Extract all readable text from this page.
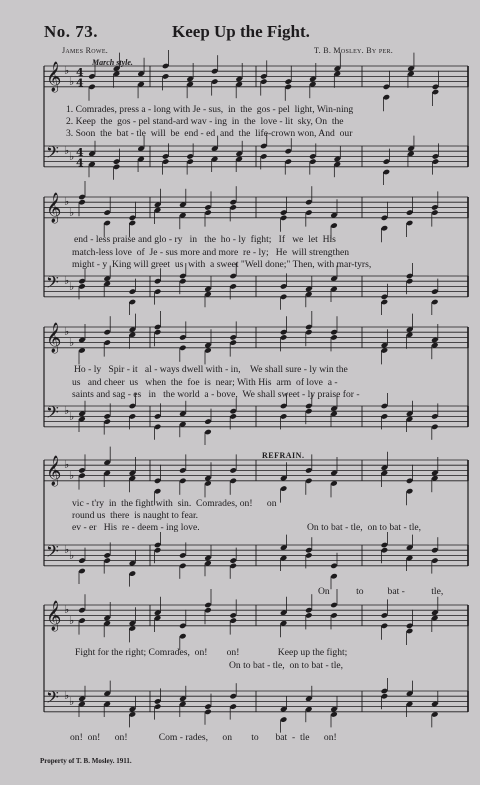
No. 73.	Keep Up the Fight.
James Rowe.	T. B. Mosley. By per.
March style.
REFRAIN.
𝄞 ♭
♭
4
4
𝄢 ♭ ♭ 4
4
𝄞 ♭
♭
𝄢 ♭ ♭
𝄞 ♭
♭
𝄢 ♭ ♭
𝄞 ♭
♭
𝄢 ♭ ♭
𝄞 ♭
♭
𝄢 ♭ ♭
1. Comrades, press a - long with Je - sus,  in  the  gos - pel  light, Win-ning
2. Keep  the  gos - pel stand-ard wav - ing  in  the  love - lit  sky, On  the
3. Soon  the  bat - tle  will  be  end - ed  and  the  life-crown won, And  our
end - less praise and glo - ry   in   the  ho - ly  fight;   If   we  let  His
match-less love  of  Je - sus more and more  re - ly;   He  will strengthen
might - y  King will greet  us  with  a sweet "Well done;" Then, with mar-tyrs,
Ho - ly   Spir - it   al - ways dwell with - in,    We shall sure - ly win the
us   and cheer  us   when  the  foe  is  near; With His  arm  of love  a -
saints and sag - es   in   the world  a - bove,  We shall sweet - ly praise for -
vic - t'ry  in  the fight with  sin.  Comrades, on!      on
round us  there  is naught to fear.
ev - er   His  re - deem - ing love.	On to bat - tle,  on to bat - tle,
On           to          bat -           tle,
Fight for the right; Comrades,  on!        on!                Keep up the fight;
On to bat - tle,  on to bat - tle,
on!  on!      on!             Com - rades,      on        to       bat  -  tle      on!
Property of T. B. Mosley. 1911.
